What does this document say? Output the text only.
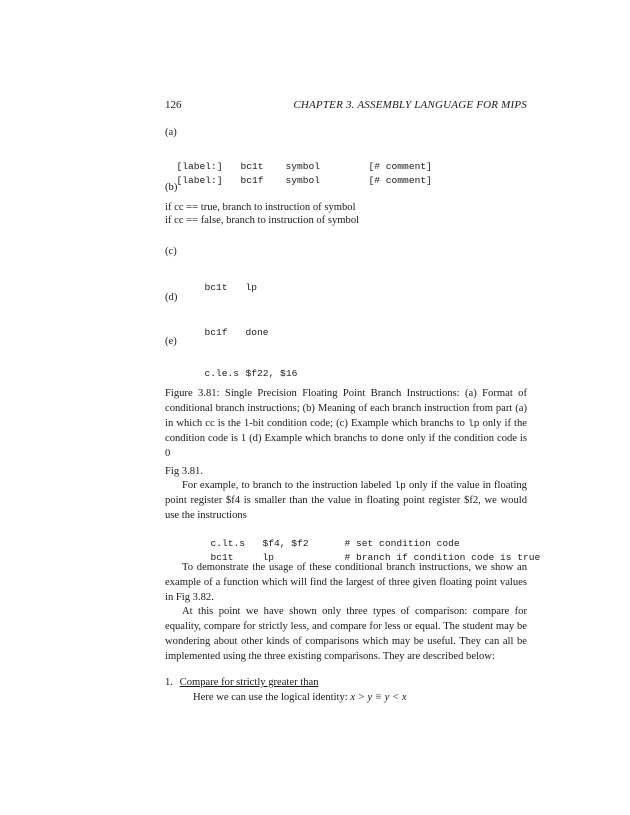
126	CHAPTER 3. ASSEMBLY LANGUAGE FOR MIPS
(a)

[label:] bc1t symbol	[# comment]

[label:] bc1f symbol	[# comment]

(b)
if cc == true, branch to instruction of symbol
if cc == false, branch to instruction of symbol
(c)

bc1t lp

(d)

bc1f done

(e)

c.le.s $f22, $16

Figure 3.81: Single Precision Floating Point Branch Instructions: (a) Format of conditional branch instructions; (b) Meaning of each branch instruction from part (a) in which cc is the 1-bit condition code; (c) Example which branchs to lp only if the condition code is 1 (d) Example which branchs to done only if the condition code is 0
Fig 3.81.
For example, to branch to the instruction labeled lp only if the value in floating point register $f4 is smaller than the value in floating point register $f2, we would use the instructions

c.lt.s $f4, $f2	# set condition code

bc1t	lp	# branch if condition code is true

To demonstrate the usage of these conditional branch instructions, we show an example of a function which will find the largest of three given floating point values in Fig 3.82.
At this point we have shown only three types of comparison: compare for equality, compare for strictly less, and compare for less or equal. The student may be wondering about other kinds of comparisons which may be useful. They can all be implemented using the three existing comparisons. They are described below:
1. Compare for strictly greater than
Here we can use the logical identity: x > y ≡ y < x
